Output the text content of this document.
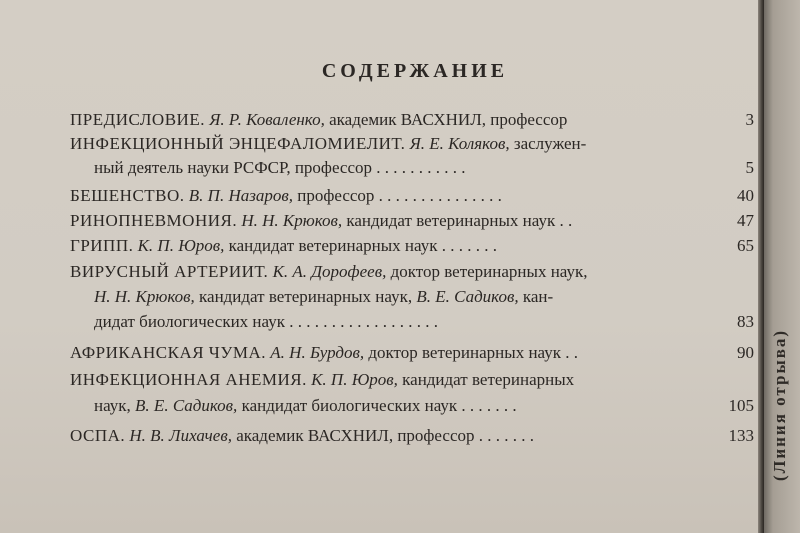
(Линия отрыва)
СОДЕРЖАНИЕ
ПРЕДИСЛОВИЕ. Я. Р. Коваленко, академик ВАСХНИЛ, профессор	3
ИНФЕКЦИОННЫЙ ЭНЦЕФАЛОМИЕЛИТ. Я. Е. Коляков, заслужен-
ный деятель науки РСФСР, профессор . . . . . . . . . . .	5
БЕШЕНСТВО. В. П. Назаров, профессор . . . . . . . . . . . . . . .	40
РИНОПНЕВМОНИЯ. Н. Н. Крюков, кандидат ветеринарных наук . .	47
ГРИПП. К. П. Юров, кандидат ветеринарных наук . . . . . . .	65
ВИРУСНЫЙ АРТЕРИИТ. К. А. Дорофеев, доктор ветеринарных наук,
Н. Н. Крюков, кандидат ветеринарных наук, В. Е. Садиков, кан-
дидат биологических наук . . . . . . . . . . . . . . . . . .	83
АФРИКАНСКАЯ ЧУМА. А. Н. Бурдов, доктор ветеринарных наук . .	90
ИНФЕКЦИОННАЯ АНЕМИЯ. К. П. Юров, кандидат ветеринарных
наук, В. Е. Садиков, кандидат биологических наук . . . . . . .	105
ОСПА. Н. В. Лихачев, академик ВАСХНИЛ, профессор . . . . . . .	133
